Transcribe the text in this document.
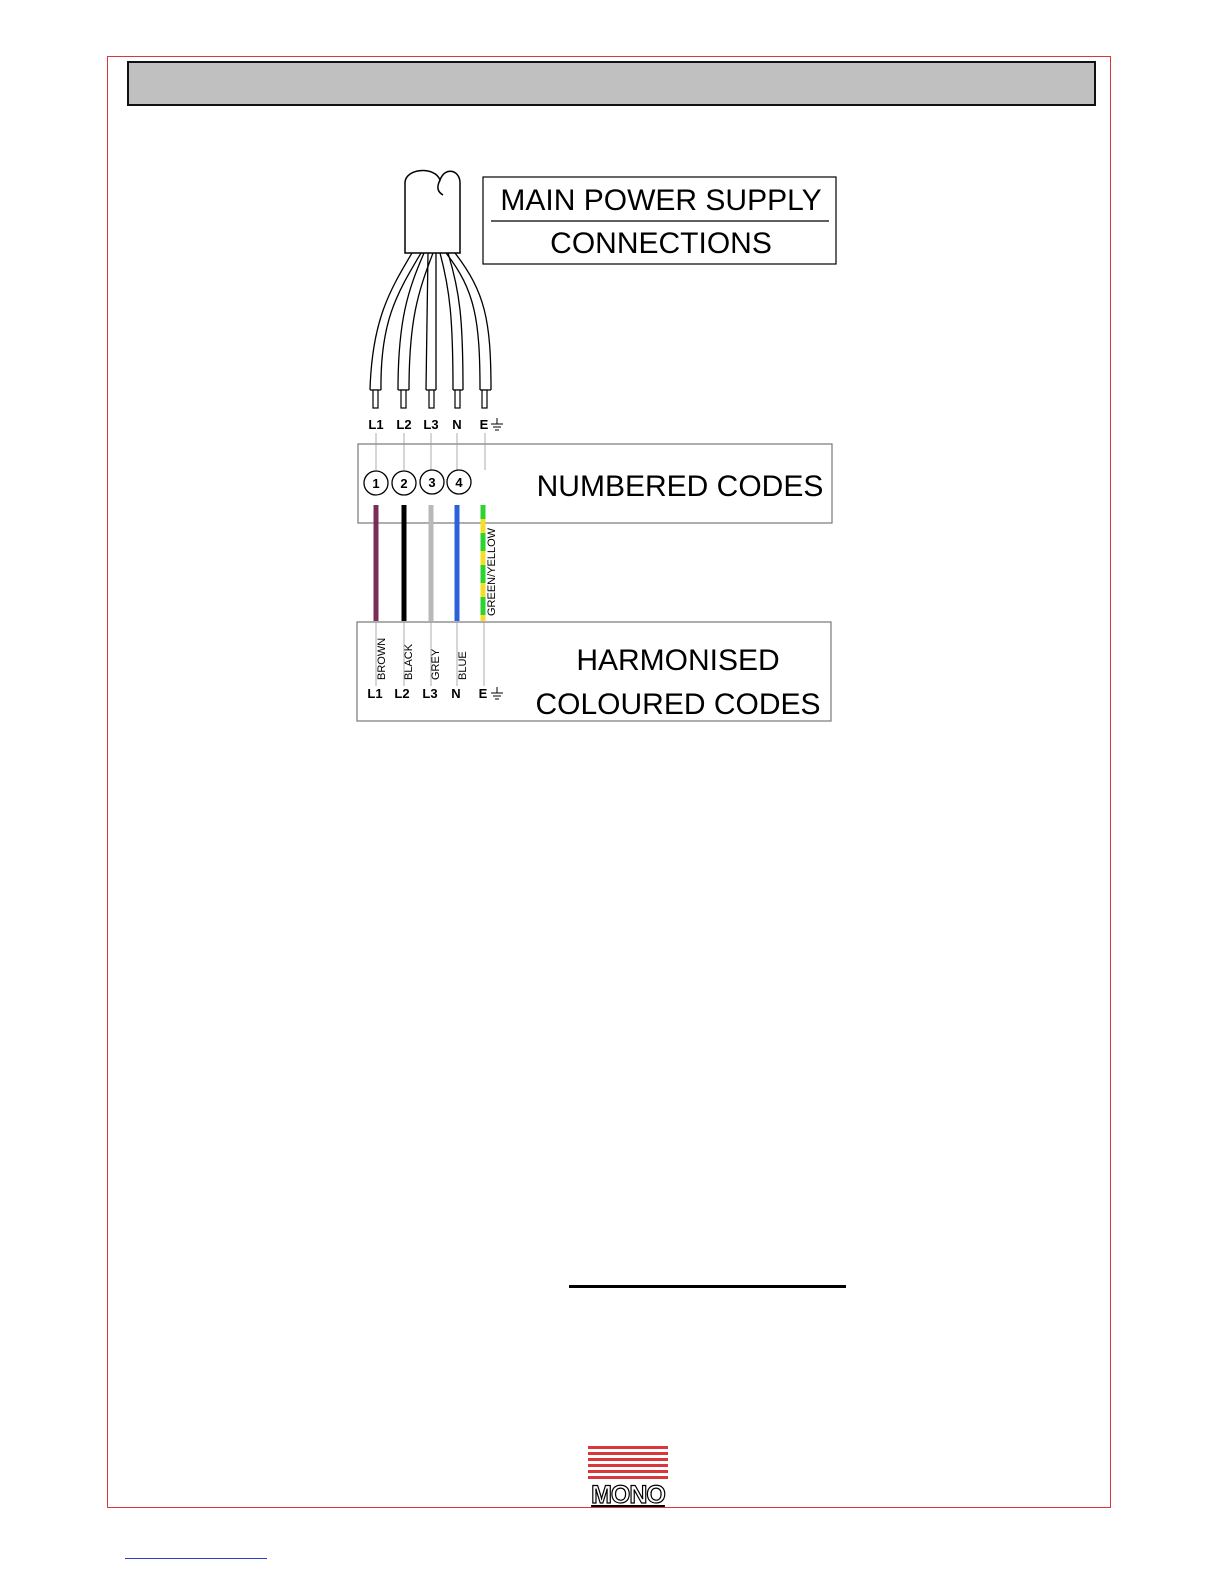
MAIN POWER SUPPLY
CONNECTIONS
L1 L2 L3 N E
1 2 3 4 NUMBERED CODES
HARMONISED
COLOURED CODES
BROWN BLACK GREY BLUE
GREEN/YELLOW
L1 L2 L3 N E
MONO
